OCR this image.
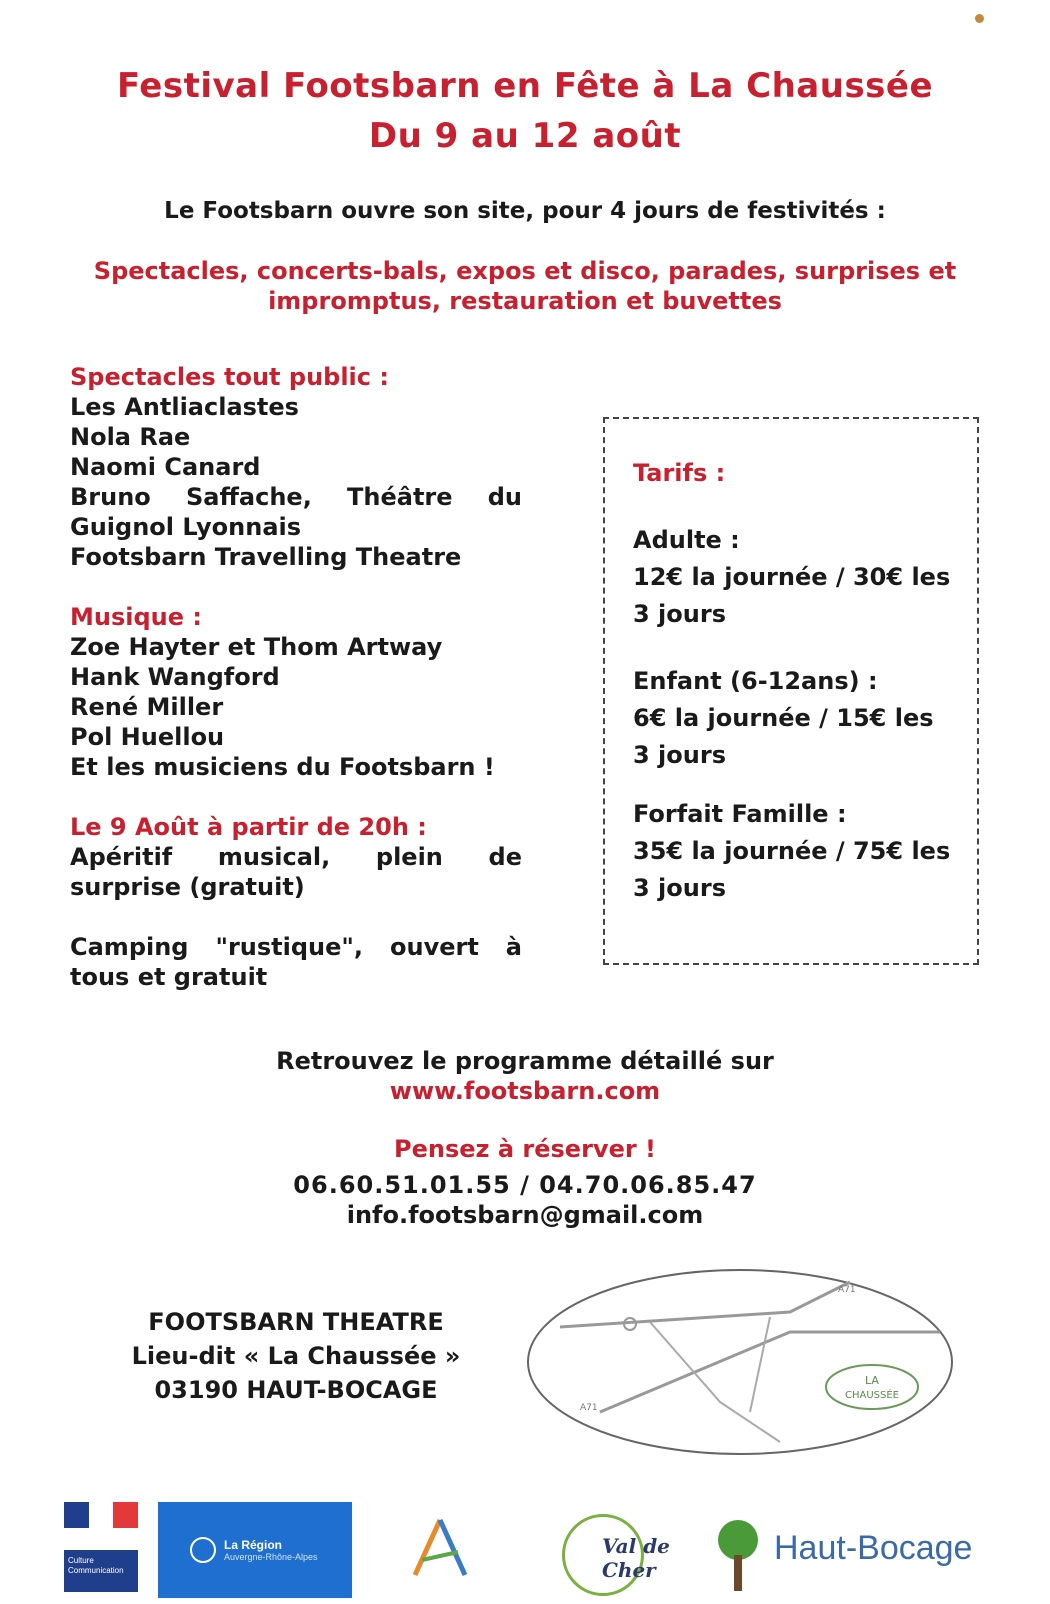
Festival Footsbarn en Fête à La Chaussée
Du 9 au 12 août
Le Footsbarn ouvre son site, pour 4 jours de festivités :
Spectacles, concerts-bals, expos et disco, parades, surprises et
impromptus, restauration et buvettes
Spectacles tout public :
Les Antliaclastes
Nola Rae
Naomi Canard
Bruno Saffache, Théâtre du Guignol Lyonnais
Footsbarn Travelling Theatre
Musique :
Zoe Hayter et Thom Artway
Hank Wangford
René Miller
Pol Huellou
Et les musiciens du Footsbarn !
Le 9 Août à partir de 20h :
Apéritif musical, plein de surprise (gratuit)
Camping "rustique", ouvert à tous et gratuit
Tarifs :
Adulte :
12€ la journée / 30€ les 3 jours
Enfant (6-12ans) :
6€ la journée / 15€ les 3 jours
Forfait Famille :
35€ la journée / 75€ les 3 jours
Retrouvez le programme détaillé sur
www.footsbarn.com
Pensez à réserver !
06.60.51.01.55 / 04.70.06.85.47
info.footsbarn@gmail.com
FOOTSBARN THEATRE
Lieu-dit « La Chaussée »
03190 HAUT-BOCAGE	LA
CHAUSSÉE
A71
A71
Culture Communication
La Région
Auvergne-Rhône-Alpes	Val de Cher
Haut-Bocage
